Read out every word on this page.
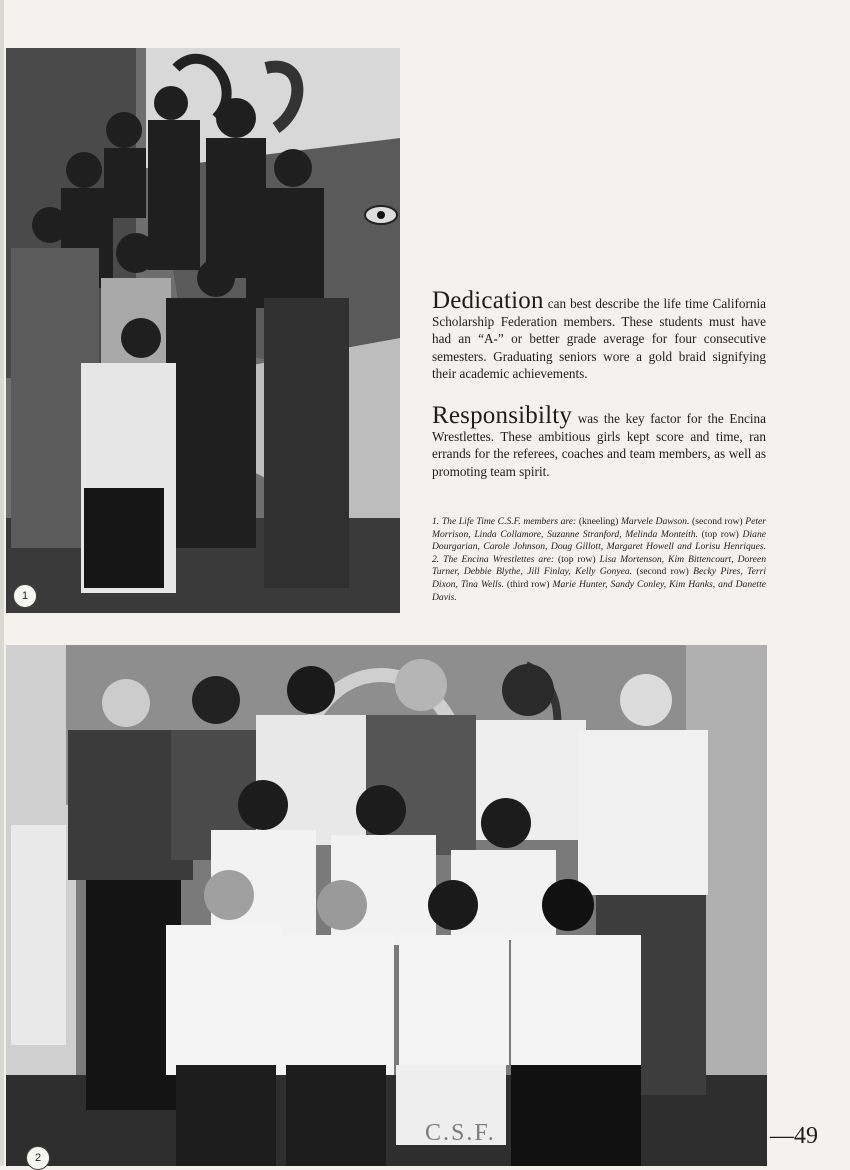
1
Dedication can best describe the life time California Scholarship Federation members. These students must have had an “A-” or better grade average for four consecutive semesters. Graduating seniors wore a gold braid signifying their academic achievements.
Responsibilty was the key factor for the Encina Wrestlettes. These ambitious girls kept score and time, ran errands for the referees, coaches and team members, as well as promoting team spirit.
1. The Life Time C.S.F. members are: (kneeling) Marvele Dawson. (second row) Peter Morrison, Linda Collamore, Suzanne Stranford, Melinda Monteith. (top row) Diane Dourgarian, Carole Johnson, Doug Gillott, Margaret Howell and Lorisu Henriques. 2. The Encina Wrestlettes are: (top row) Lisa Mortenson, Kim Bittencourt, Doreen Turner, Debbie Blythe, Jill Finlay, Kelly Gonyea. (second row) Becky Pires, Terri Dixon, Tina Wells. (third row) Marie Hunter, Sandy Conley, Kim Hanks, and Danette Davis.
2
C.S.F.	—49
